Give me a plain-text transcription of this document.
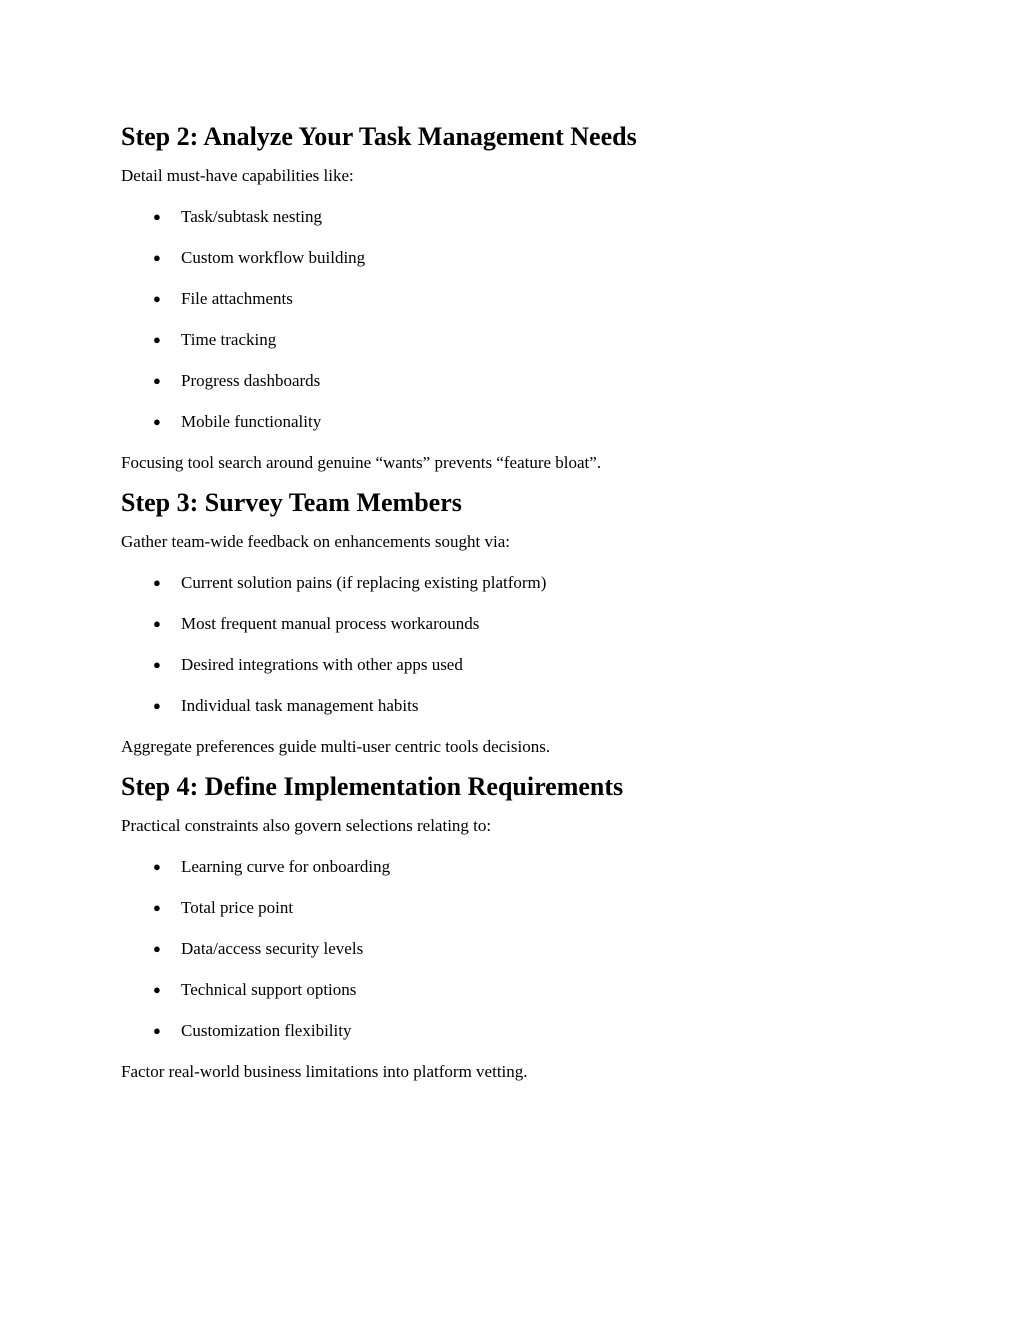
Step 2: Analyze Your Task Management Needs

Detail must-have capabilities like:

● Task/subtask nesting
● Custom workflow building
● File attachments
● Time tracking
● Progress dashboards
● Mobile functionality

Focusing tool search around genuine “wants” prevents “feature bloat”.

Step 3: Survey Team Members

Gather team-wide feedback on enhancements sought via:

● Current solution pains (if replacing existing platform)
● Most frequent manual process workarounds
● Desired integrations with other apps used
● Individual task management habits

Aggregate preferences guide multi-user centric tools decisions.

Step 4: Define Implementation Requirements

Practical constraints also govern selections relating to:

● Learning curve for onboarding
● Total price point
● Data/access security levels
● Technical support options
● Customization flexibility

Factor real-world business limitations into platform vetting.
